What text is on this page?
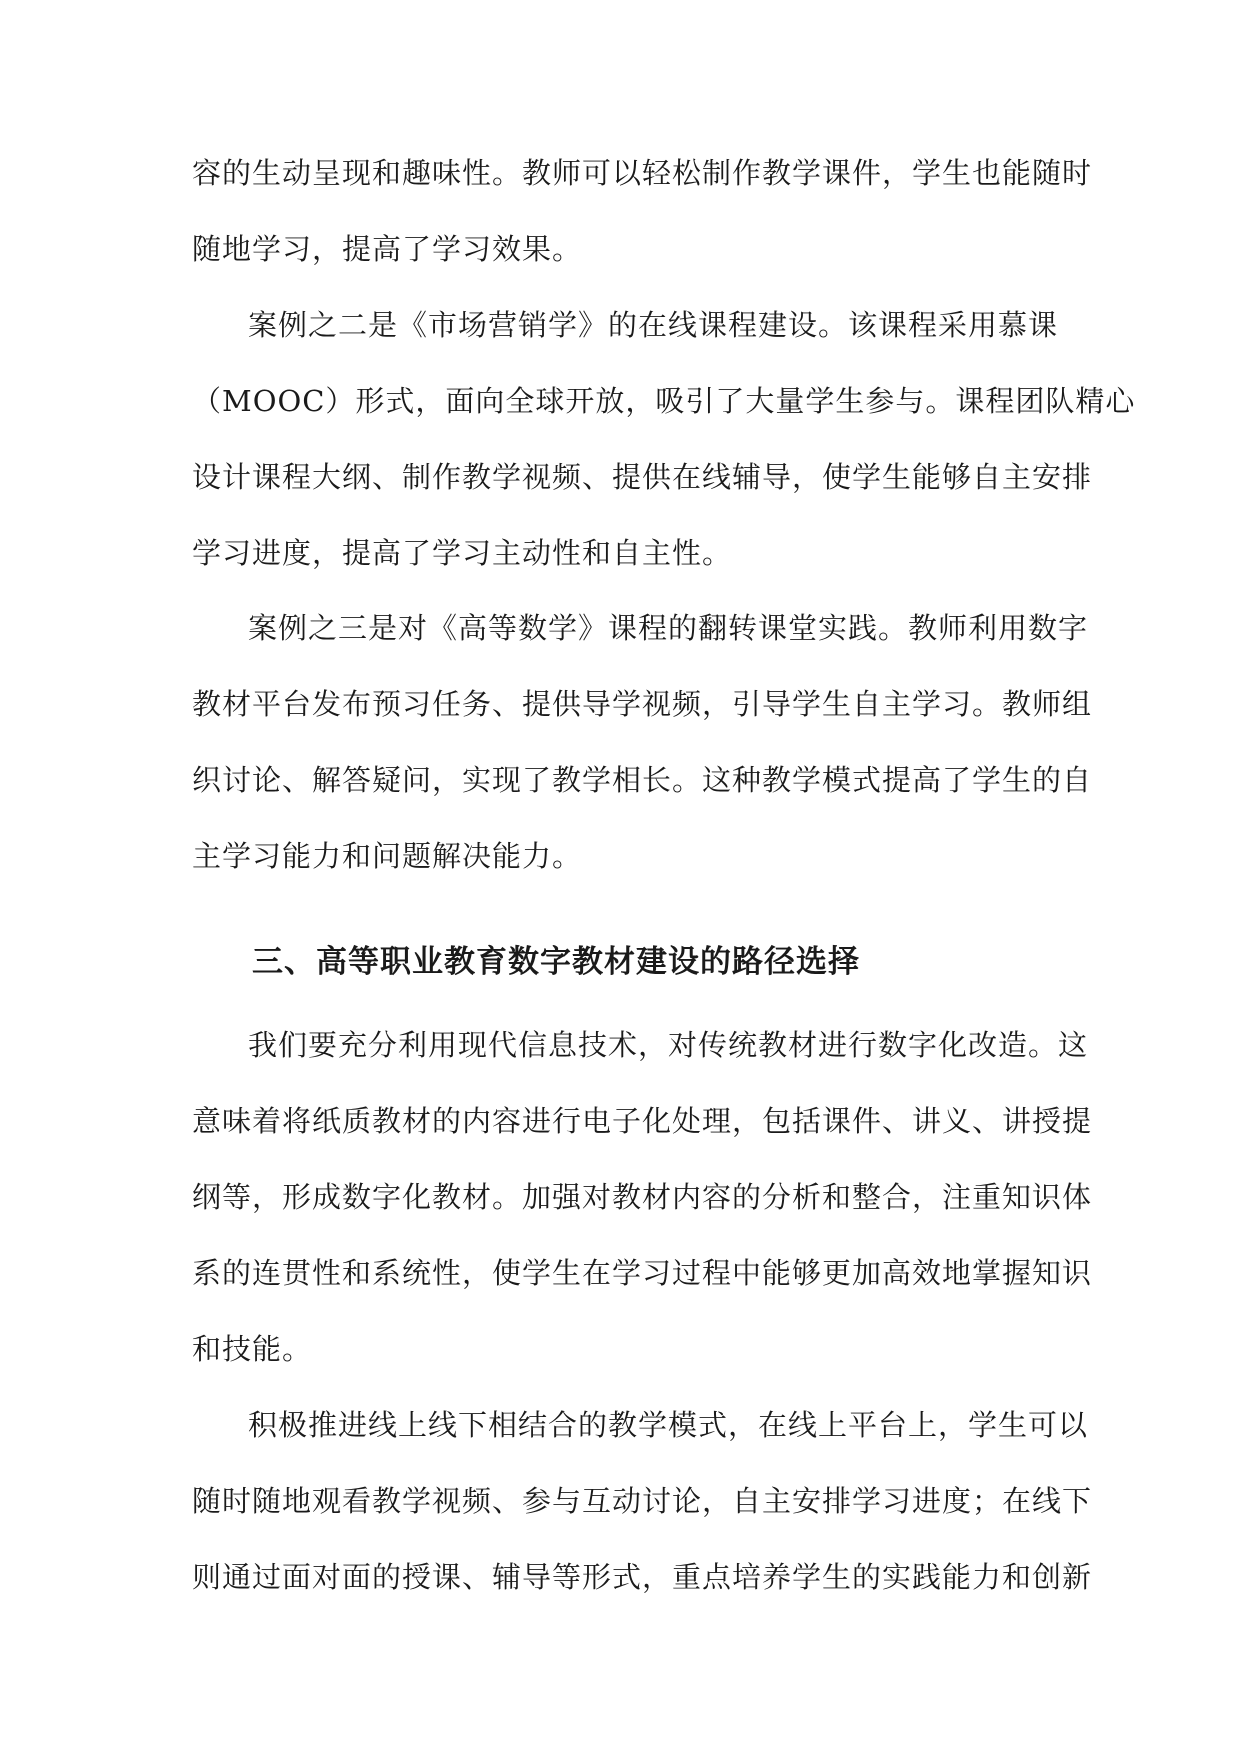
容的生动呈现和趣味性。教师可以轻松制作教学课件，学生也能随时
随地学习，提高了学习效果。
案例之二是《市场营销学》的在线课程建设。该课程采用慕课
（MOOC）形式，面向全球开放，吸引了大量学生参与。课程团队精心
设计课程大纲、制作教学视频、提供在线辅导，使学生能够自主安排
学习进度，提高了学习主动性和自主性。
案例之三是对《高等数学》课程的翻转课堂实践。教师利用数字
教材平台发布预习任务、提供导学视频，引导学生自主学习。教师组
织讨论、解答疑问，实现了教学相长。这种教学模式提高了学生的自
主学习能力和问题解决能力。
三、高等职业教育数字教材建设的路径选择
我们要充分利用现代信息技术，对传统教材进行数字化改造。这
意味着将纸质教材的内容进行电子化处理，包括课件、讲义、讲授提
纲等，形成数字化教材。加强对教材内容的分析和整合，注重知识体
系的连贯性和系统性，使学生在学习过程中能够更加高效地掌握知识
和技能。
积极推进线上线下相结合的教学模式，在线上平台上，学生可以
随时随地观看教学视频、参与互动讨论，自主安排学习进度；在线下
则通过面对面的授课、辅导等形式，重点培养学生的实践能力和创新
